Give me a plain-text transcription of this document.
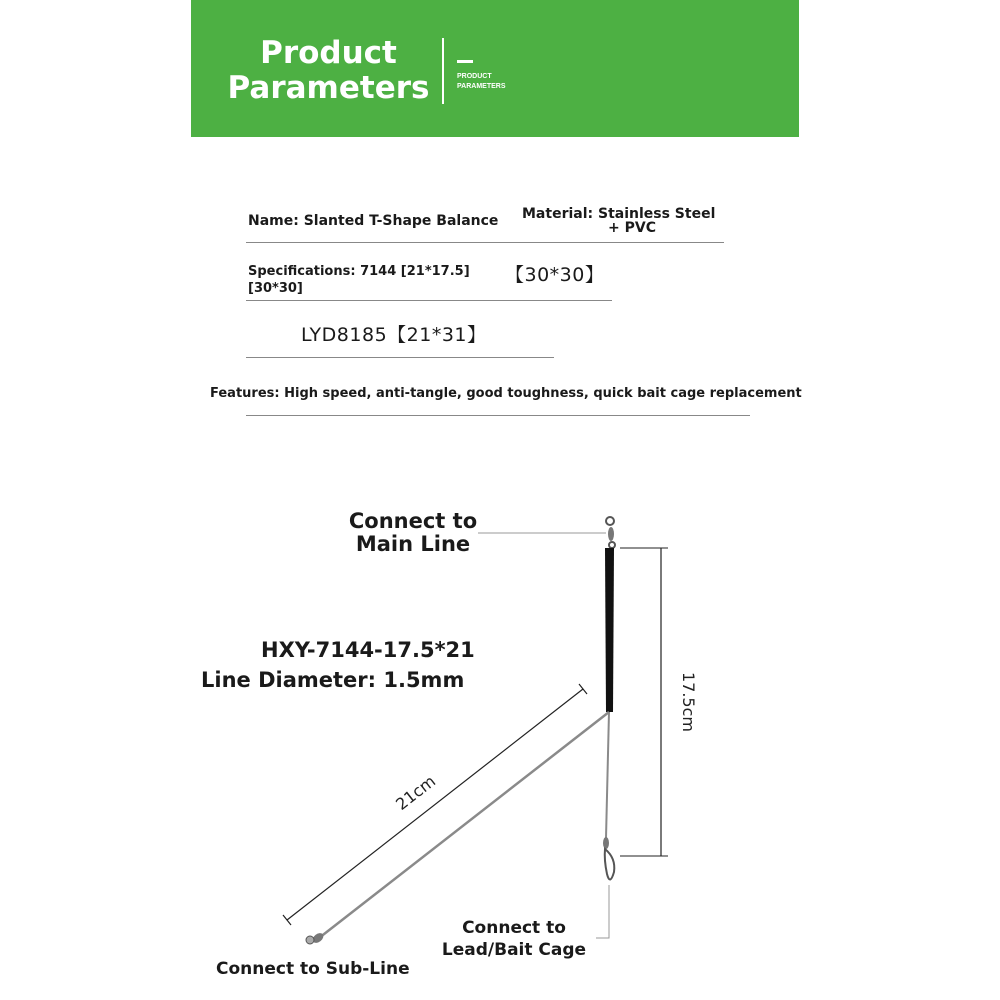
Product
Parameters	PRODUCT
PARAMETERS
Name: Slanted T-Shape Balance Material: Stainless Steel
+ PVC
Specifications: 7144 [21*17.5]
[30*30]
【30*30】
LYD8185【21*31】
Features: High speed, anti-tangle, good toughness, quick bait cage replacement
17.5cm
21cm
Connect to
Main Line
HXY-7144-17.5*21
Line Diameter: 1.5mm
Connect to
Lead/Bait Cage
Connect to Sub-Line
